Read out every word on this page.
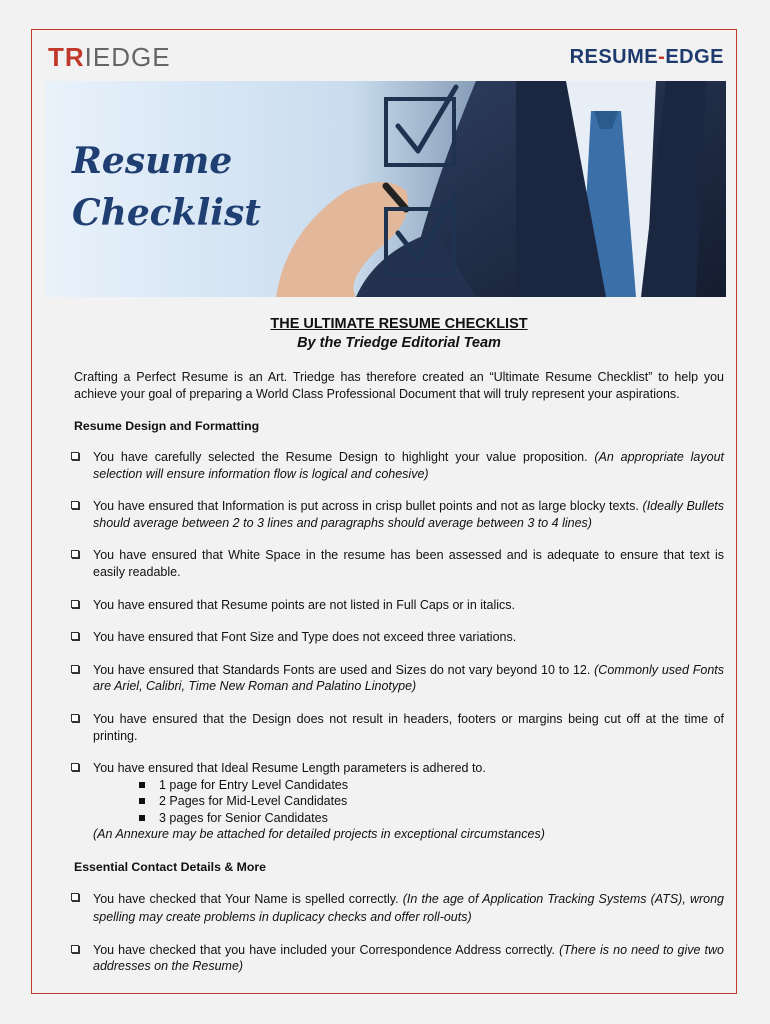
TR IEDGE	RESUME-EDGE
Resume
Checklist
THE ULTIMATE RESUME CHECKLIST
By the Triedge Editorial Team
Crafting a Perfect Resume is an Art. Triedge has therefore created an “Ultimate Resume Checklist” to help you achieve your goal of preparing a World Class Professional Document that will truly represent your aspirations.
Resume Design and Formatting
You have carefully selected the Resume Design to highlight your value proposition. (An appropriate layout selection will ensure information flow is logical and cohesive)
You have ensured that Information is put across in crisp bullet points and not as large blocky texts. (Ideally Bullets should average between 2 to 3 lines and paragraphs should average between 3 to 4 lines)
You have ensured that White Space in the resume has been assessed and is adequate to ensure that text is easily readable.
You have ensured that Resume points are not listed in Full Caps or in italics.
You have ensured that Font Size and Type does not exceed three variations.
You have ensured that Standards Fonts are used and Sizes do not vary beyond 10 to 12. (Commonly used Fonts are Ariel, Calibri, Time New Roman and Palatino Linotype)
You have ensured that the Design does not result in headers, footers or margins being cut off at the time of printing.
You have ensured that Ideal Resume Length parameters is adhered to.
1 page for Entry Level Candidates
2 Pages for Mid-Level Candidates
3 pages for Senior Candidates
(An Annexure may be attached for detailed projects in exceptional circumstances)
Essential Contact Details & More
You have checked that Your Name is spelled correctly. (In the age of Application Tracking Systems (ATS), wrong spelling may create problems in duplicacy checks and offer roll-outs)
You have checked that you have included your Correspondence Address correctly. (There is no need to give two addresses on the Resume)
